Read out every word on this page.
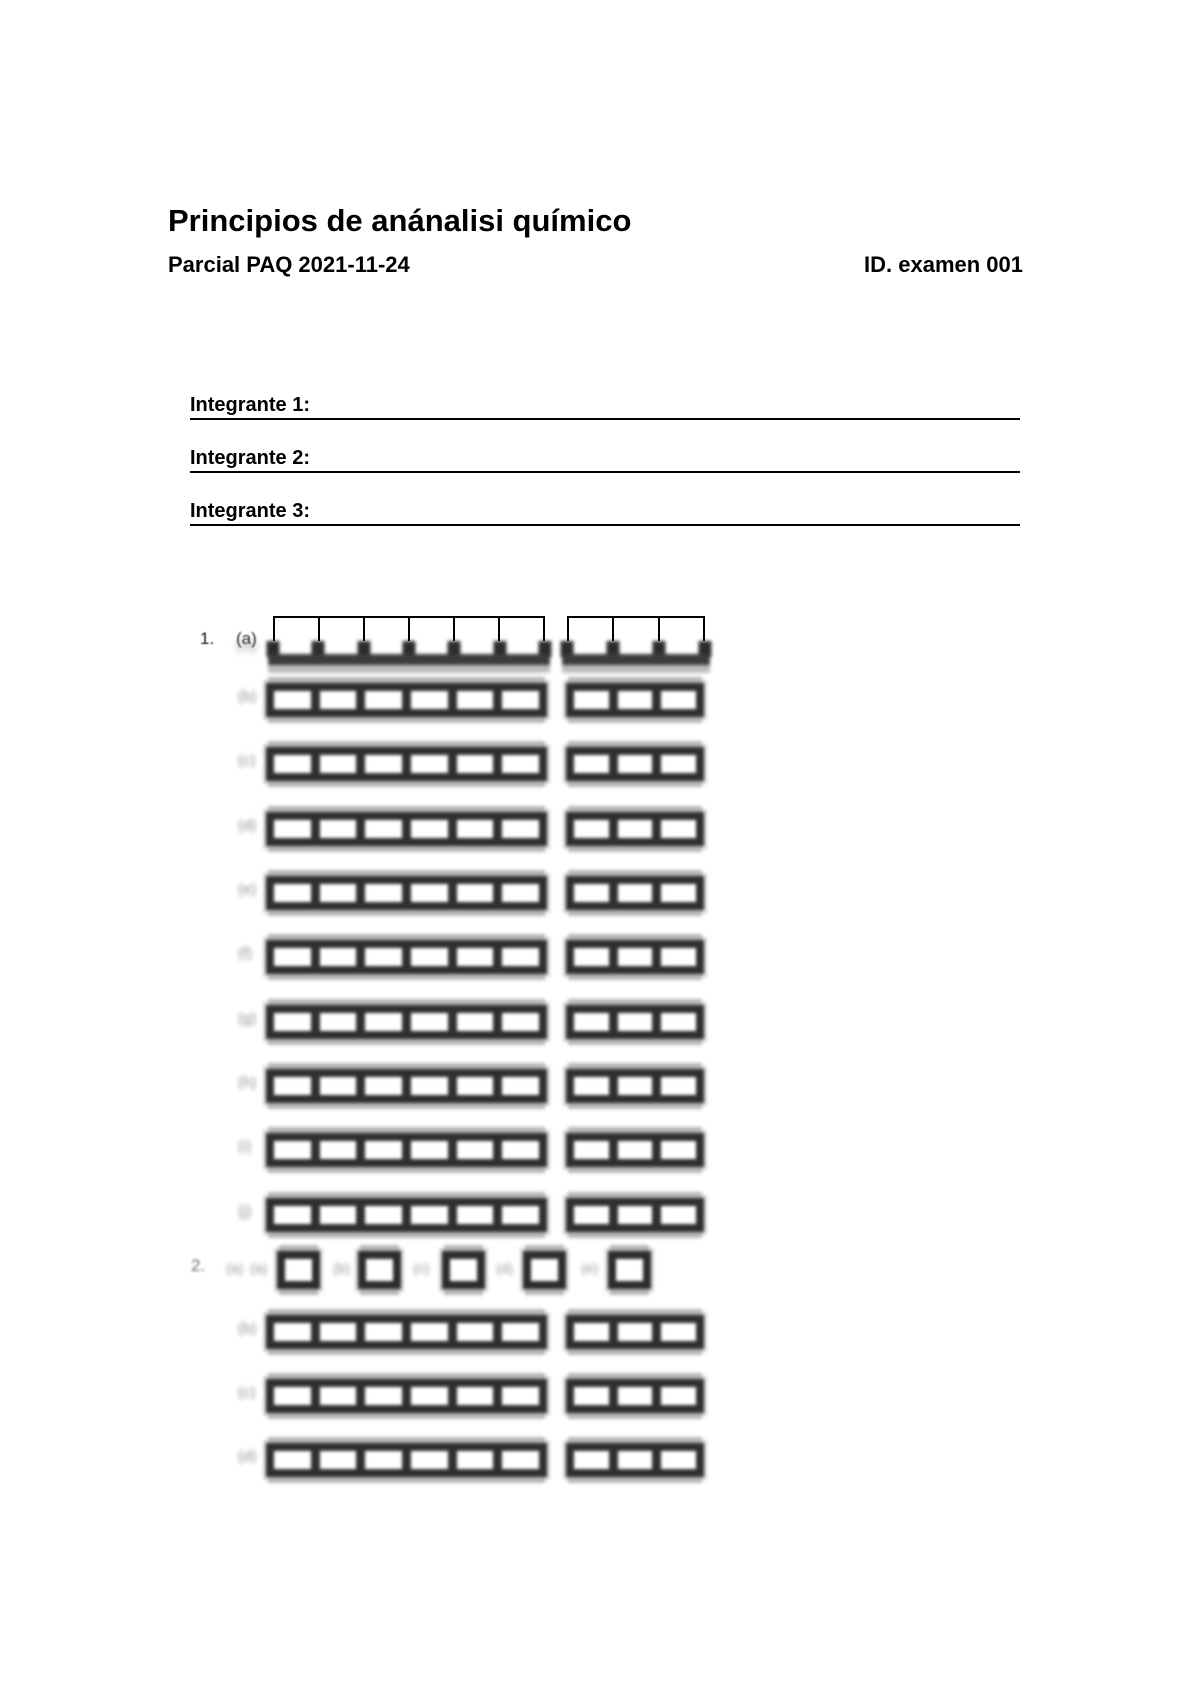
Principios de anánalisi químico
Parcial PAQ 2021-11-24	ID. examen 001
Integrante 1:
Integrante 2:
Integrante 3:
1. (a)
(b)
(c)
(d)
(e)
(f)
(g)
(h)
(i)
(j)
2. (a) (a)	(b)	(c)	(d)	(e)
(b)
(c)
(d)
